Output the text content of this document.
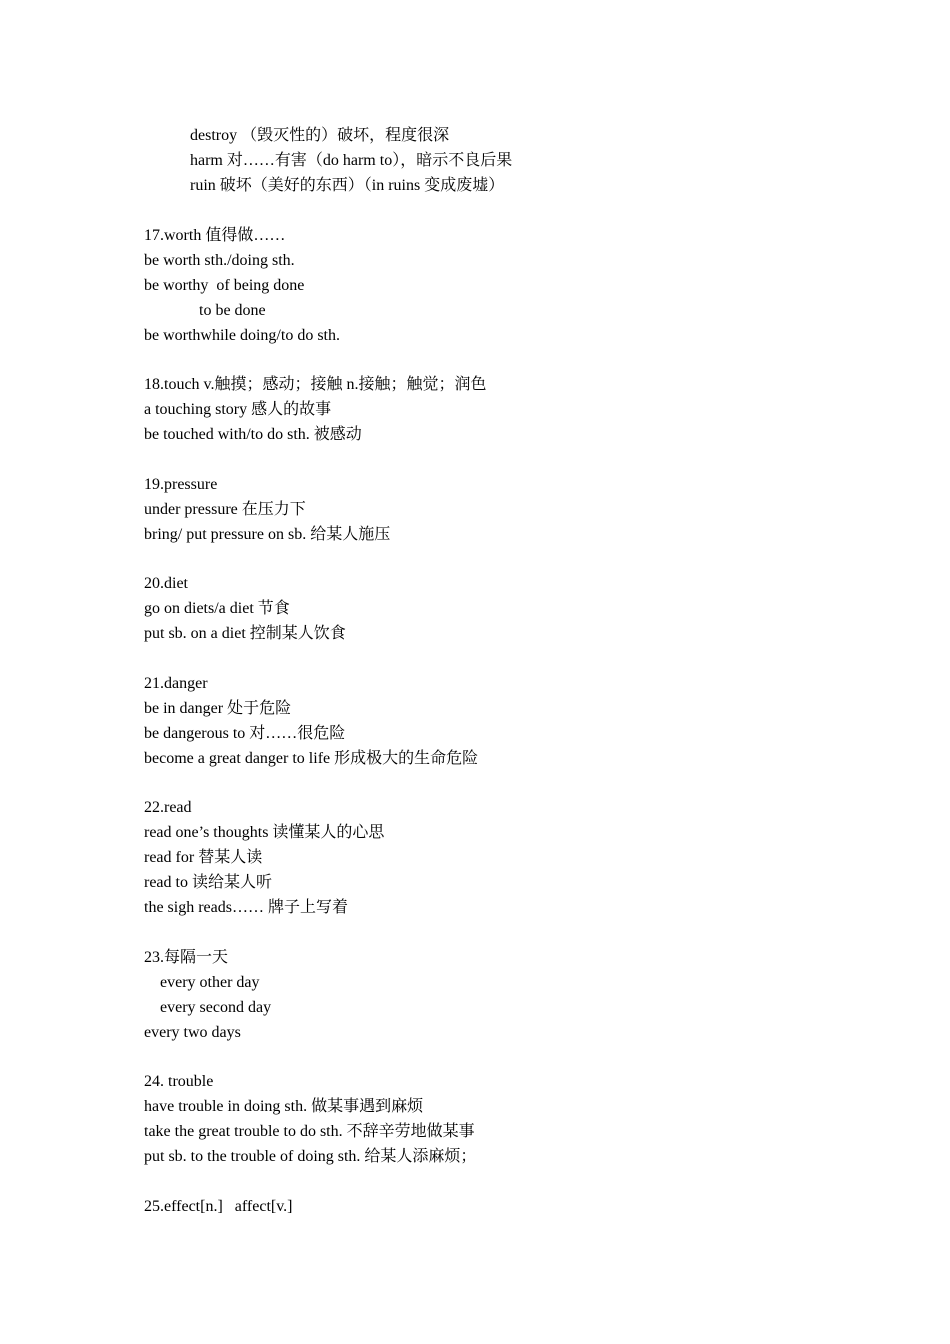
destroy （毁灭性的）破坏，程度很深
harm 对……有害（do harm to），暗示不良后果
ruin 破坏（美好的东西）（in ruins 变成废墟）
17.worth 值得做……
be worth sth./doing sth.
be worthy  of being done
to be done
be worthwhile doing/to do sth.
18.touch v.触摸；感动；接触 n.接触；触觉；润色
a touching story 感人的故事
be touched with/to do sth. 被感动
19.pressure
under pressure 在压力下
bring/ put pressure on sb. 给某人施压
20.diet
go on diets/a diet 节食
put sb. on a diet 控制某人饮食
21.danger
be in danger 处于危险
be dangerous to 对……很危险
become a great danger to life 形成极大的生命危险
22.read
read one’s thoughts 读懂某人的心思
read for 替某人读
read to 读给某人听
the sigh reads…… 牌子上写着
23.每隔一天
every other day
every second day
every two days
24. trouble
have trouble in doing sth. 做某事遇到麻烦
take the great trouble to do sth. 不辞辛劳地做某事
put sb. to the trouble of doing sth. 给某人添麻烦；
25.effect[n.]   affect[v.]
